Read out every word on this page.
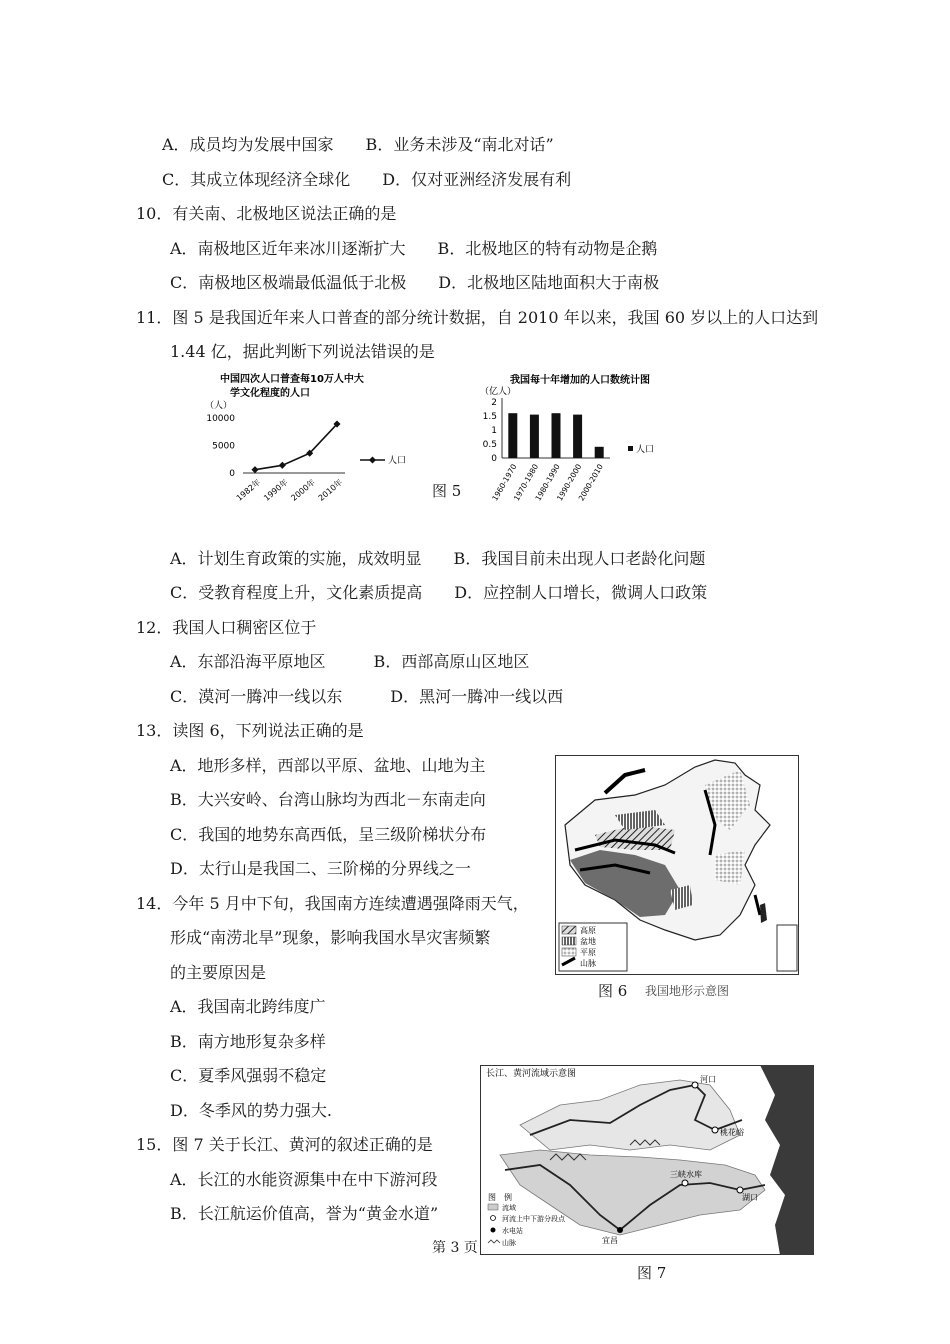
A．成员均为发展中国家　　B．业务未涉及“南北对话”
C．其成立体现经济全球化　　D．仅对亚洲经济发展有利
10．有关南、北极地区说法正确的是
A．南极地区近年来冰川逐渐扩大　　B．北极地区的特有动物是企鹅
C．南极地区极端最低温低于北极　　D．北极地区陆地面积大于南极
11．图 5 是我国近年来人口普查的部分统计数据，自 2010 年以来，我国 60 岁以上的人口达到
1.44 亿，据此判断下列说法错误的是
中国四次人口普查每10万人中大
学文化程度的人口
（人）
0
5000
10000
1982年 1990年 2000年 2010年
人口
图 5
我国每十年增加的人口数统计图
（亿人）
0
0.5
1
1.5
2
1960-1970
1970-1980
1980-1990
1990-2000
2000-2010
人口
A．计划生育政策的实施，成效明显　　B．我国目前未出现人口老龄化问题
C．受教育程度上升，文化素质提高　　D．应控制人口增长，微调人口政策
12．我国人口稠密区位于
A．东部沿海平原地区　　　B．西部高原山区地区
C．漠河一腾冲一线以东　　　D．黑河一腾冲一线以西
13．读图 6，下列说法正确的是
A．地形多样，西部以平原、盆地、山地为主
B．大兴安岭、台湾山脉均为西北－东南走向
C．我国的地势东高西低，呈三级阶梯状分布
D．太行山是我国二、三阶梯的分界线之一
14．今年 5 月中下旬，我国南方连续遭遇强降雨天气，
形成“南涝北旱”现象，影响我国水旱灾害频繁
的主要原因是
A．我国南北跨纬度广
B．南方地形复杂多样
C．夏季风强弱不稳定
D．冬季风的势力强大.
15．图 7 关于长江、黄河的叙述正确的是
A．长江的水能资源集中在中下游河段
B．长江航运价值高，誉为“黄金水道”
第 3 页
高原
盆地
平原
山脉
图 6 我国地形示意图
长江、黄河流域示意图
河口
桃花峪
三峡水库
湖口
宜昌
图　例
流域
河流上中下游分段点
水电站
山脉
图 7
